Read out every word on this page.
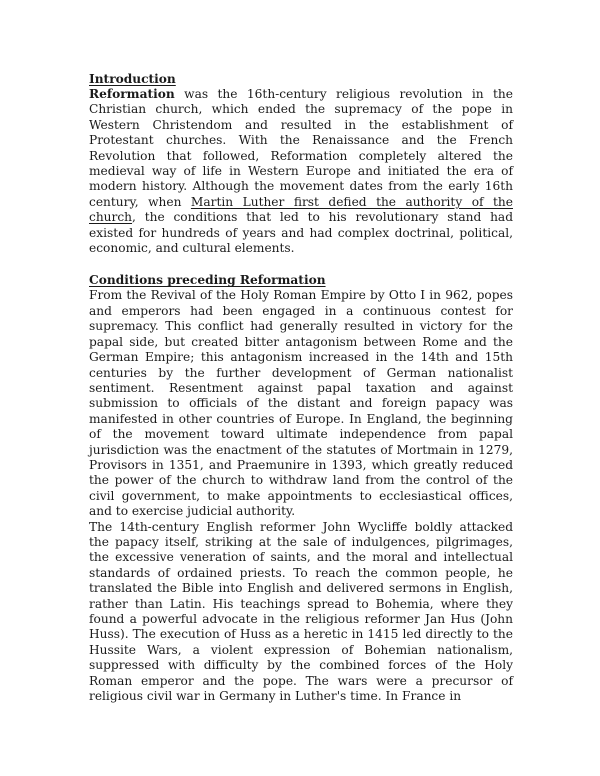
Introduction

Reformation was the 16th-century religious revolution in the Christian church, which ended the supremacy of the pope in Western Christendom and resulted in the establishment of Protestant churches. With the Renaissance and the French Revolution that followed, Reformation completely altered the medieval way of life in Western Europe and initiated the era of modern history. Although the movement dates from the early 16th century, when Martin Luther first defied the authority of the church, the conditions that led to his revolutionary stand had existed for hundreds of years and had complex doctrinal, political, economic, and cultural elements.

Conditions preceding Reformation

From the Revival of the Holy Roman Empire by Otto I in 962, popes and emperors had been engaged in a continuous contest for supremacy. This conflict had generally resulted in victory for the papal side, but created bitter antagonism between Rome and the German Empire; this antagonism increased in the 14th and 15th centuries by the further development of German nationalist sentiment. Resentment against papal taxation and against submission to officials of the distant and foreign papacy was manifested in other countries of Europe. In England, the beginning of the movement toward ultimate independence from papal jurisdiction was the enactment of the statutes of Mortmain in 1279, Provisors in 1351, and Praemunire in 1393, which greatly reduced the power of the church to withdraw land from the control of the civil government, to make appointments to ecclesiastical offices, and to exercise judicial authority.

The 14th-century English reformer John Wycliffe boldly attacked the papacy itself, striking at the sale of indulgences, pilgrimages, the excessive veneration of saints, and the moral and intellectual standards of ordained priests. To reach the common people, he translated the Bible into English and delivered sermons in English, rather than Latin. His teachings spread to Bohemia, where they found a powerful advocate in the religious reformer Jan Hus (John Huss). The execution of Huss as a heretic in 1415 led directly to the Hussite Wars, a violent expression of Bohemian nationalism, suppressed with difficulty by the combined forces of the Holy Roman emperor and the pope. The wars were a precursor of religious civil war in Germany in Luther's time. In France in
